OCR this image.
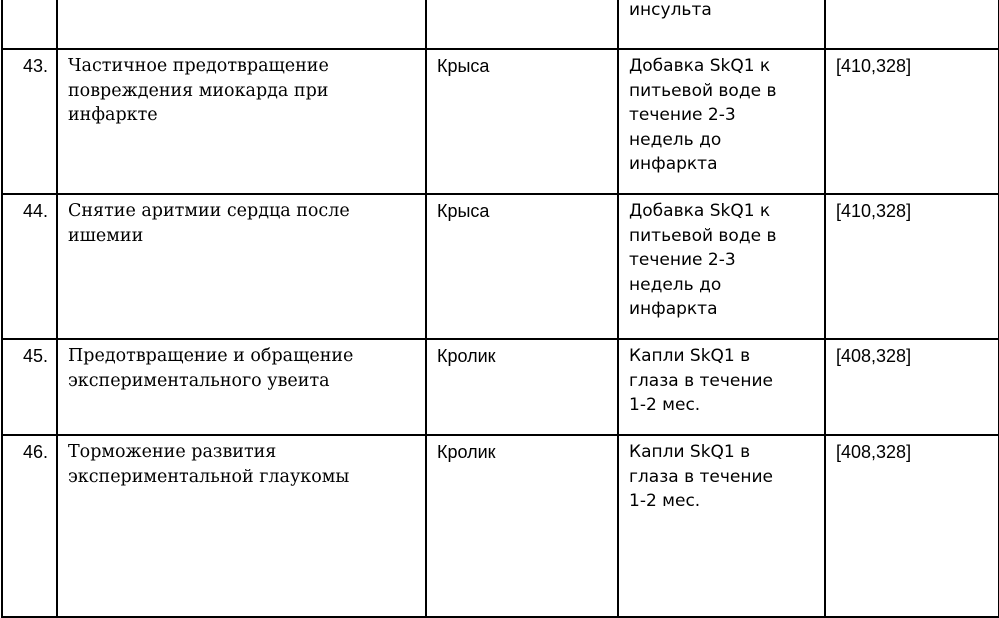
			инсульта	
43.	Частичное предотвращение
повреждения миокарда при
инфаркте	Крыса	Добавка SkQ1 к
питьевой воде в
течение 2-3
недель до
инфаркта	[410,328]
44.	Снятие аритмии сердца после
ишемии	Крыса	Добавка SkQ1 к
питьевой воде в
течение 2-3
недель до
инфаркта	[410,328]
45.	Предотвращение и обращение
экспериментального увеита	Кролик	Капли SkQ1 в
глаза в течение
1-2 мес.	[408,328]
46.	Торможение развития
экспериментальной глаукомы	Кролик	Капли SkQ1 в
глаза в течение
1-2 мес.	[408,328]
